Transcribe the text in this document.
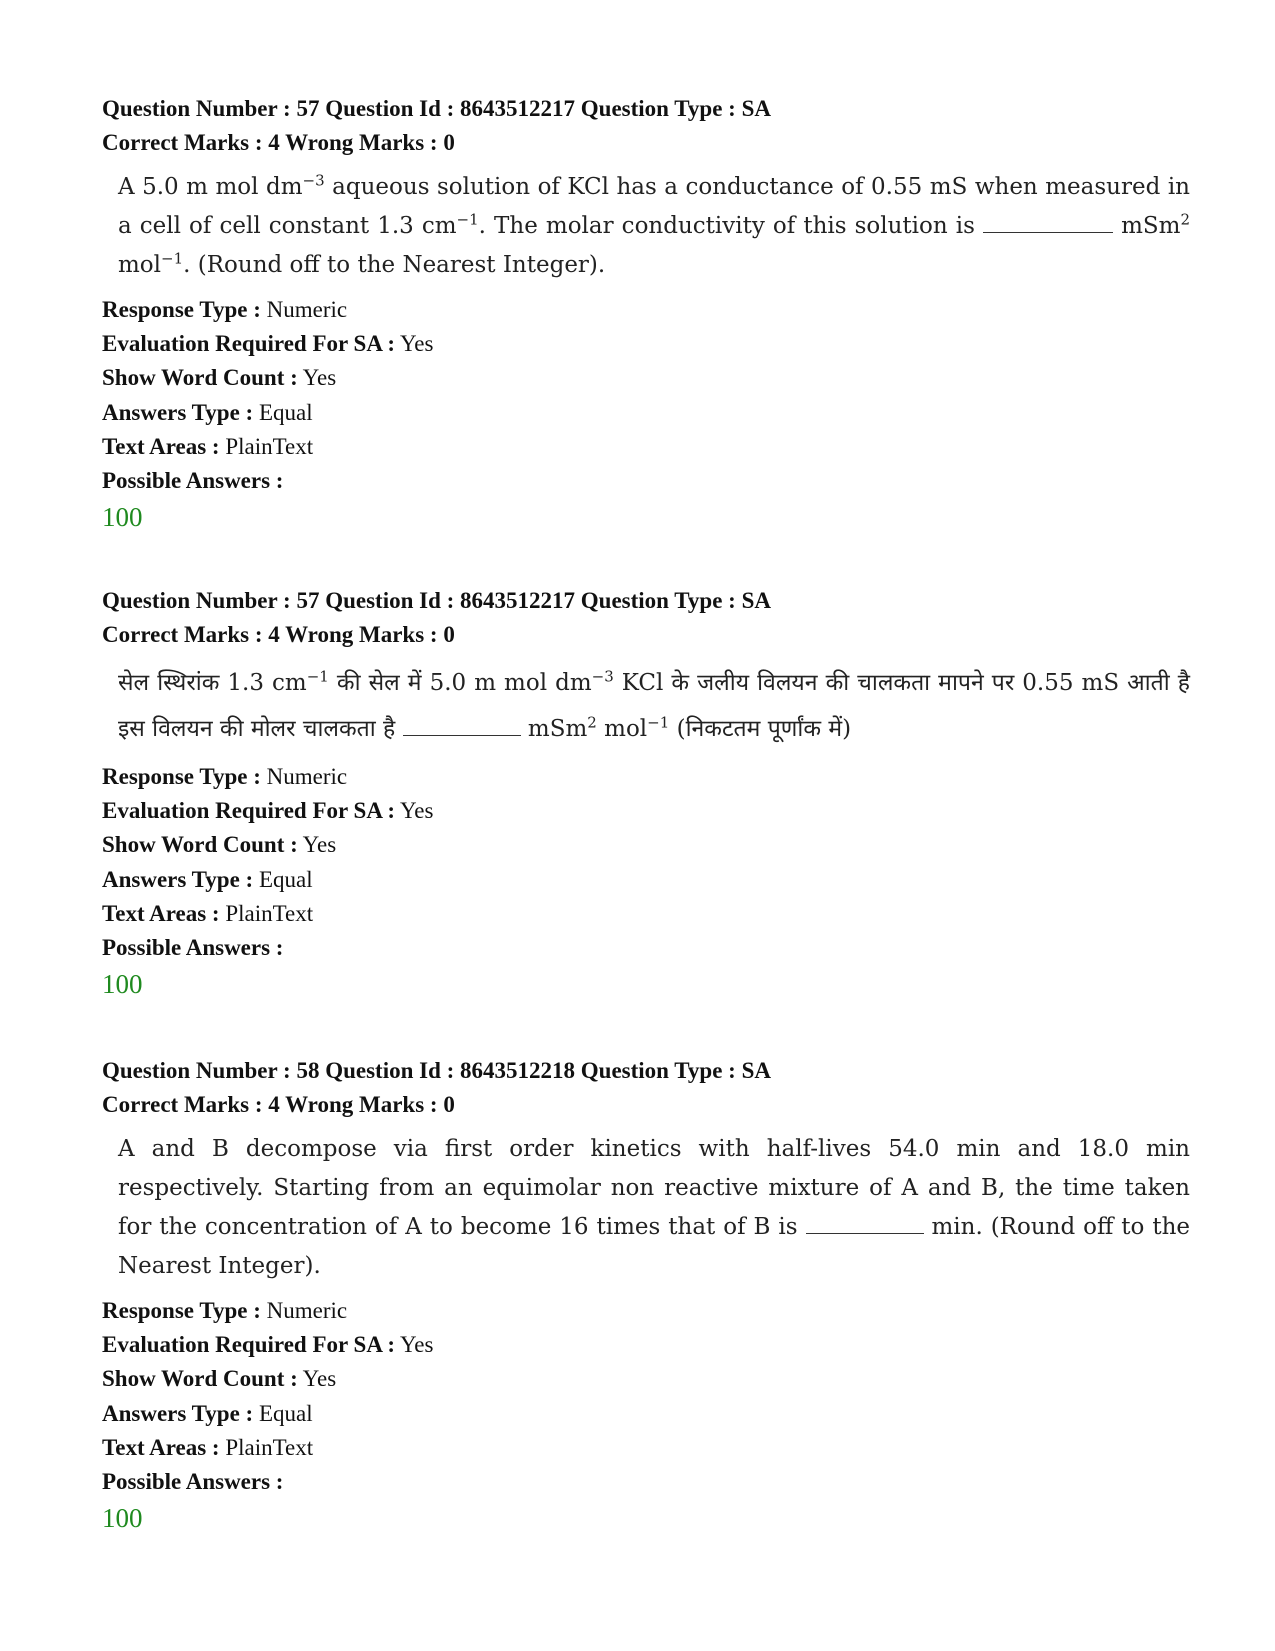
Question Number : 57 Question Id : 8643512217 Question Type : SA
Correct Marks : 4 Wrong Marks : 0
A 5.0 m mol $dm^{-3}$ aqueous solution of KCl has a conductance of 0.55 mS when measured in a cell of cell constant 1.3 $cm^{-1}$. The molar conductivity of this solution is	mSm$^2$ mol$^{-1}$. (Round off to the Nearest Integer).
Response Type : Numeric
Evaluation Required For SA : Yes
Show Word Count : Yes
Answers Type : Equal
Text Areas : PlainText
Possible Answers :
100
Question Number : 57 Question Id : 8643512217 Question Type : SA
Correct Marks : 4 Wrong Marks : 0
सेल स्थिरांक 1.3 $cm^{-1}$ की सेल में 5.0 m mol $dm^{-3}$ KCl के जलीय विलयन की चालकता मापने पर 0.55 mS आती है इस विलयन की मोलर चालकता है	mSm$^2$ mol$^{-1}$ (निकटतम पूर्णांक में)
Response Type : Numeric
Evaluation Required For SA : Yes
Show Word Count : Yes
Answers Type : Equal
Text Areas : PlainText
Possible Answers :
100
Question Number : 58 Question Id : 8643512218 Question Type : SA
Correct Marks : 4 Wrong Marks : 0
A and B decompose via first order kinetics with half-lives 54.0 min and 18.0 min respectively. Starting from an equimolar non reactive mixture of A and B, the time taken for the concentration of A to become 16 times that of B is	min. (Round off to the Nearest Integer).
Response Type : Numeric
Evaluation Required For SA : Yes
Show Word Count : Yes
Answers Type : Equal
Text Areas : PlainText
Possible Answers :
100
